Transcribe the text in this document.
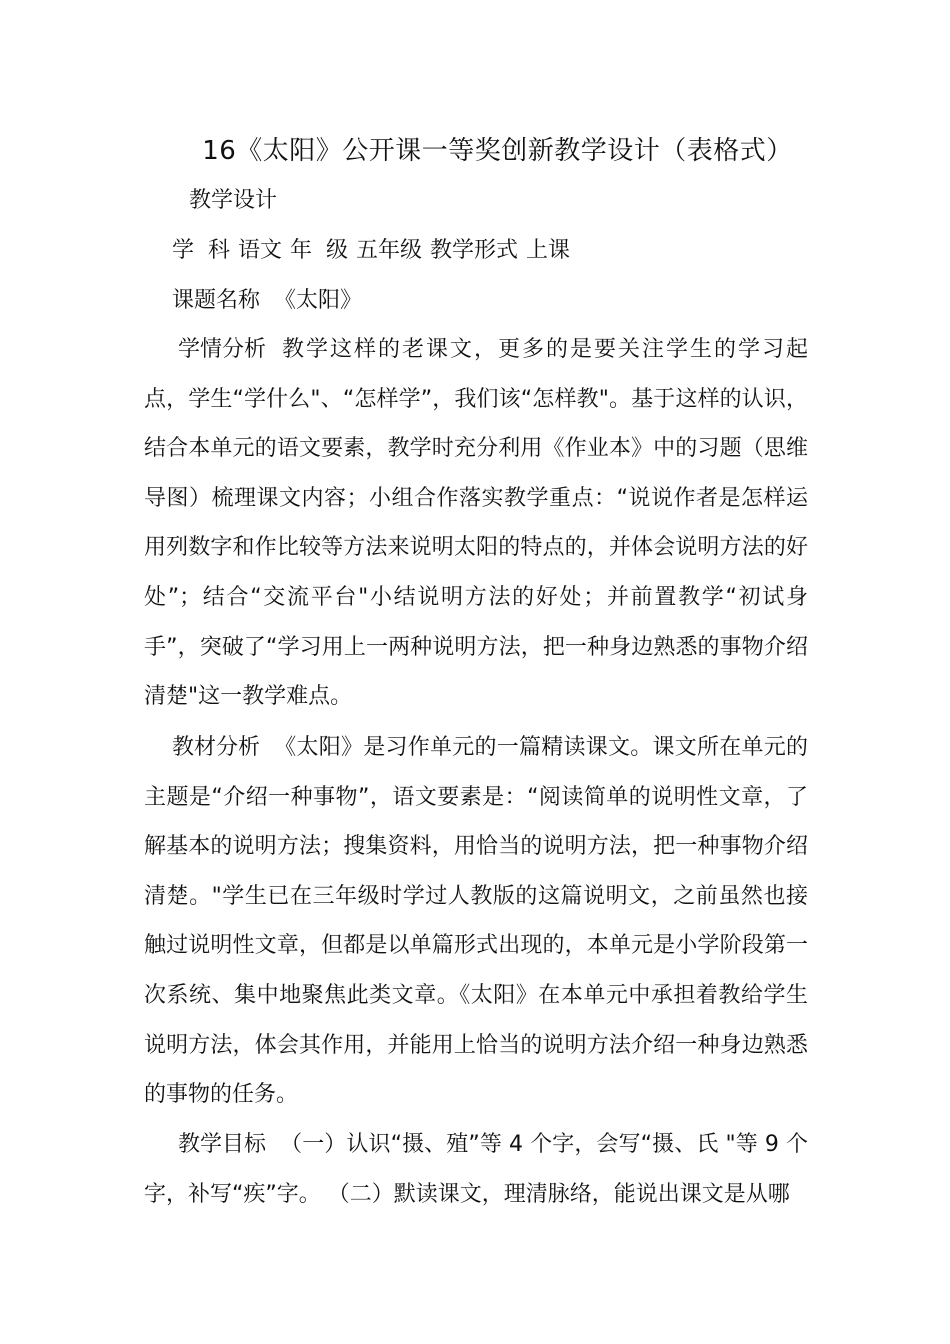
16《太阳》公开课一等奖创新教学设计（表格式）
教学设计
学  科 语文 年  级 五年级 教学形式 上课
课题名称 《太阳》
学情分析 教学这样的老课文，更多的是要关注学生的学习起点，学生“学什么"、“怎样学”，我们该“怎样教"。基于这样的认识，结合本单元的语文要素，教学时充分利用《作业本》中的习题（思维导图）梳理课文内容；小组合作落实教学重点：“说说作者是怎样运用列数字和作比较等方法来说明太阳的特点的，并体会说明方法的好处”；结合“交流平台"小结说明方法的好处；并前置教学“初试身手”，突破了“学习用上一两种说明方法，把一种身边熟悉的事物介绍清楚"这一教学难点。
教材分析 《太阳》是习作单元的一篇精读课文。课文所在单元的主题是“介绍一种事物”，语文要素是：“阅读简单的说明性文章，了解基本的说明方法；搜集资料，用恰当的说明方法，把一种事物介绍清楚。"学生已在三年级时学过人教版的这篇说明文，之前虽然也接触过说明性文章，但都是以单篇形式出现的，本单元是小学阶段第一次系统、集中地聚焦此类文章。《太阳》在本单元中承担着教给学生说明方法，体会其作用，并能用上恰当的说明方法介绍一种身边熟悉的事物的任务。
教学目标 （一）认识“摄、殖”等 4 个字，会写“摄、氏 "等 9 个字，补写“疾”字。 （二）默读课文，理清脉络，能说出课文是从哪
